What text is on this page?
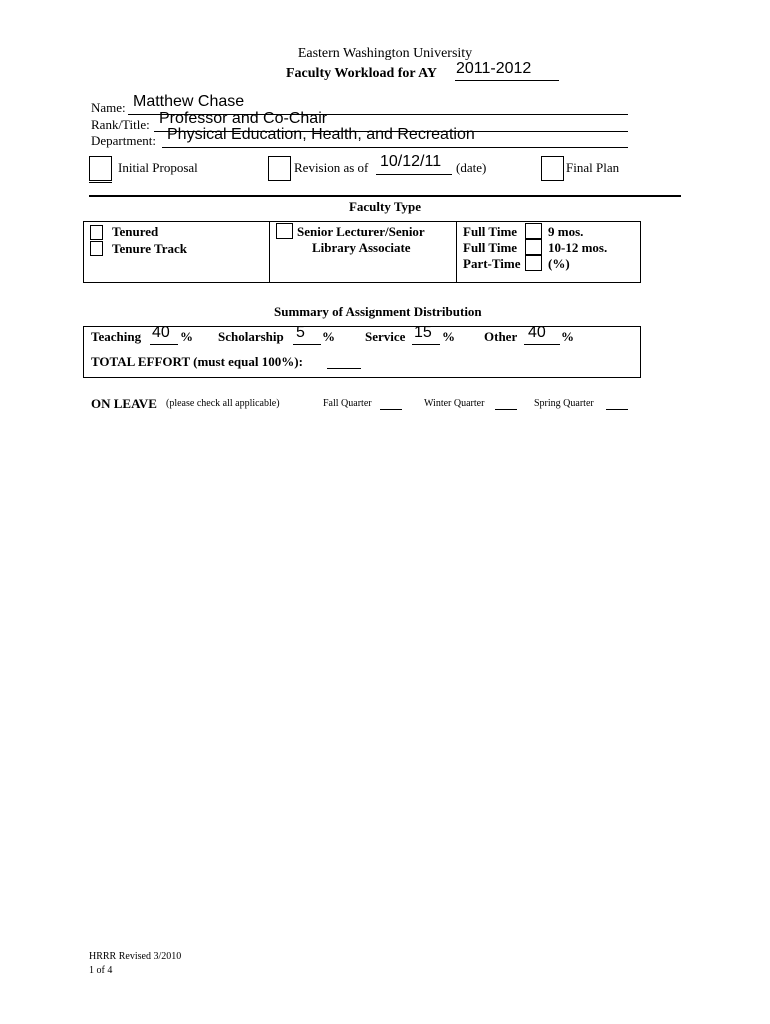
Eastern Washington University
Faculty Workload for AY 2011-2012
Name: Matthew Chase
Rank/Title: Professor and Co-Chair
Department: Physical Education, Health, and Recreation
Initial Proposal	Revision as of 10/12/11 (date)	Final Plan
Faculty Type
Tenured
Tenure Track
Senior Lecturer/Senior
Library Associate
Full Time 9 mos.
Full Time 10-12 mos.
Part-Time (%)
Summary of Assignment Distribution
Teaching 40 % Scholarship 5 % Service 15 % Other 40 %
TOTAL EFFORT (must equal 100%):
ON LEAVE (please check all applicable)	Fall Quarter	Winter Quarter	Spring Quarter
HRRR Revised 3/2010
1 of 4
